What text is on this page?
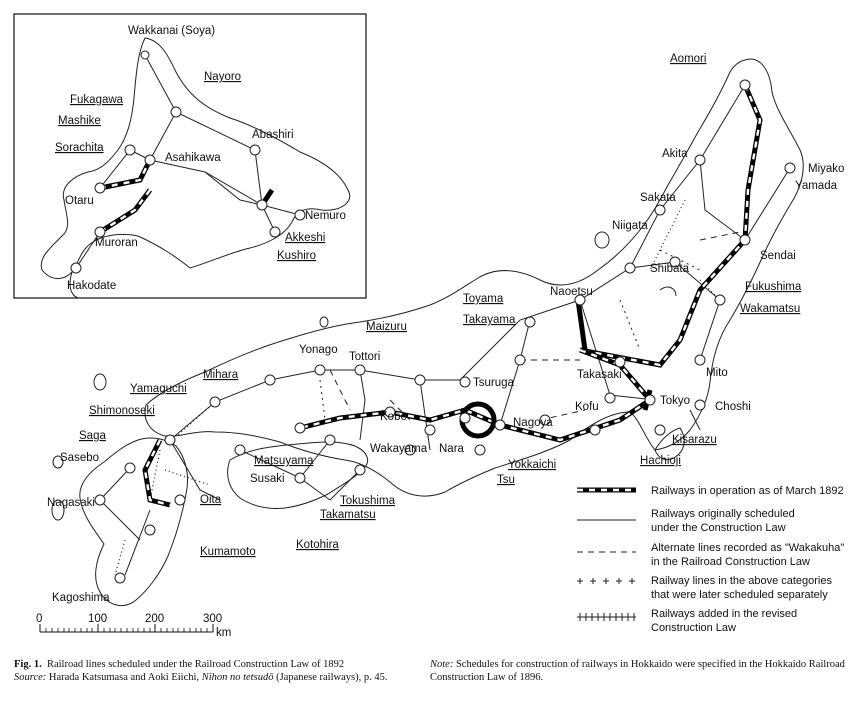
Wakkanai (Soya)
Nayoro
Fukagawa
Abashiri
Mashike
Sorachita
Asahikawa
Otaru
Nemuro
Akkeshi
Muroran
Kushiro
Hakodate
Aomori
Akita
Miyako
Yamada
Sakata
Niigata
Sendai
Shibata
Fukushima
Naoetsu
Toyama
Takayama
Wakamatsu
Maizuru
Yonago
Tottori
Takasaki	Mito
Tsuruga
Mihara
Yamaguchi
Kofu	Tokyo Choshi
Shimonoseki	Kobe	Nagoya
Saga
Wakayama Nara
Kisarazu
Sasebo	Matsuyama	Yokkaichi	Hachioji
Susaki	Tsu
Nagasaki	Tokushima
Oita
Takamatsu
Kotohira
Kumamoto
Kagoshima
Railways in operation as of March 1892
Railways originally scheduled
under the Construction Law
Alternate lines recorded as "Wakakuha"
in the Railroad Construction Law
Railway lines in the above categories
that were later scheduled separately
Railways added in the revised
Construction Law
0	100	200	300
km
Fig. 1. Railroad lines scheduled under the Railroad Construction Law of 1892
Source: Harada Katsumasa and Aoki Eiichi, Nihon no tetsudō (Japanese railways), p. 45.
Note: Schedules for construction of railways in Hokkaido were specified in the Hokkaido Railroad Construction Law of 1896.
